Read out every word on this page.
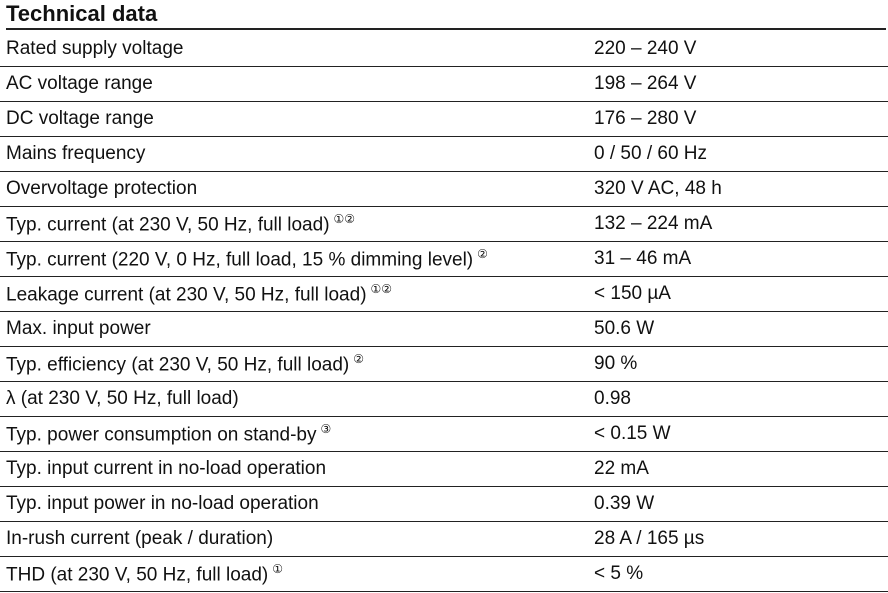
Technical data
Rated supply voltage	220 – 240 V
AC voltage range	198 – 264 V
DC voltage range	176 – 280 V
Mains frequency	0 / 50 / 60 Hz
Overvoltage protection	320 V AC, 48 h
Typ. current (at 230 V, 50 Hz, full load) ①②	132 – 224 mA
Typ. current (220 V, 0 Hz, full load, 15 % dimming level) ②	31 – 46 mA
Leakage current (at 230 V, 50 Hz, full load) ①②	< 150 µA
Max. input power	50.6 W
Typ. efficiency (at 230 V, 50 Hz, full load) ②	90 %
λ (at 230 V, 50 Hz, full load)	0.98
Typ. power consumption on stand-by ③	< 0.15 W
Typ. input current in no-load operation	22 mA
Typ. input power in no-load operation	0.39 W
In-rush current (peak / duration)	28 A / 165 µs
THD (at 230 V, 50 Hz, full load) ①	< 5 %
